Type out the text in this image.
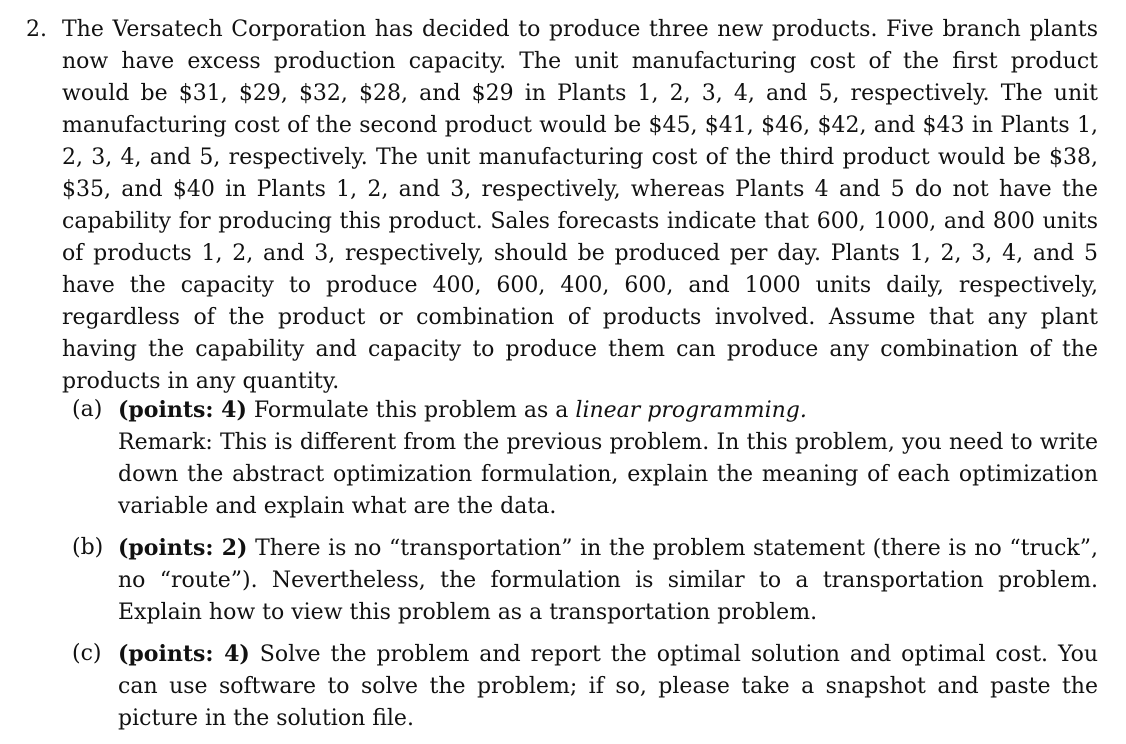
2. The Versatech Corporation has decided to produce three new products. Five branch plants now have excess production capacity. The unit manufacturing cost of the first product would be $31, $29, $32, $28, and $29 in Plants 1, 2, 3, 4, and 5, respectively. The unit manufacturing cost of the second product would be $45, $41, $46, $42, and $43 in Plants 1, 2, 3, 4, and 5, respectively. The unit manufacturing cost of the third product would be $38, $35, and $40 in Plants 1, 2, and 3, respectively, whereas Plants 4 and 5 do not have the capability for producing this product. Sales forecasts indicate that 600, 1000, and 800 units of products 1, 2, and 3, respectively, should be produced per day. Plants 1, 2, 3, 4, and 5 have the capacity to produce 400, 600, 400, 600, and 1000 units daily, respectively, regardless of the product or combination of products involved. Assume that any plant having the capability and capacity to produce them can produce any combination of the products in any quantity.

(a) (points: 4) Formulate this problem as a linear programming.
Remark: This is different from the previous problem. In this problem, you need to write down the abstract optimization formulation, explain the meaning of each optimization variable and explain what are the data.
(b) (points: 2) There is no “transportation” in the problem statement (there is no “truck”, no “route”). Nevertheless, the formulation is similar to a transportation problem. Explain how to view this problem as a transportation problem.
(c) (points: 4) Solve the problem and report the optimal solution and optimal cost. You can use software to solve the problem; if so, please take a snapshot and paste the picture in the solution file.
